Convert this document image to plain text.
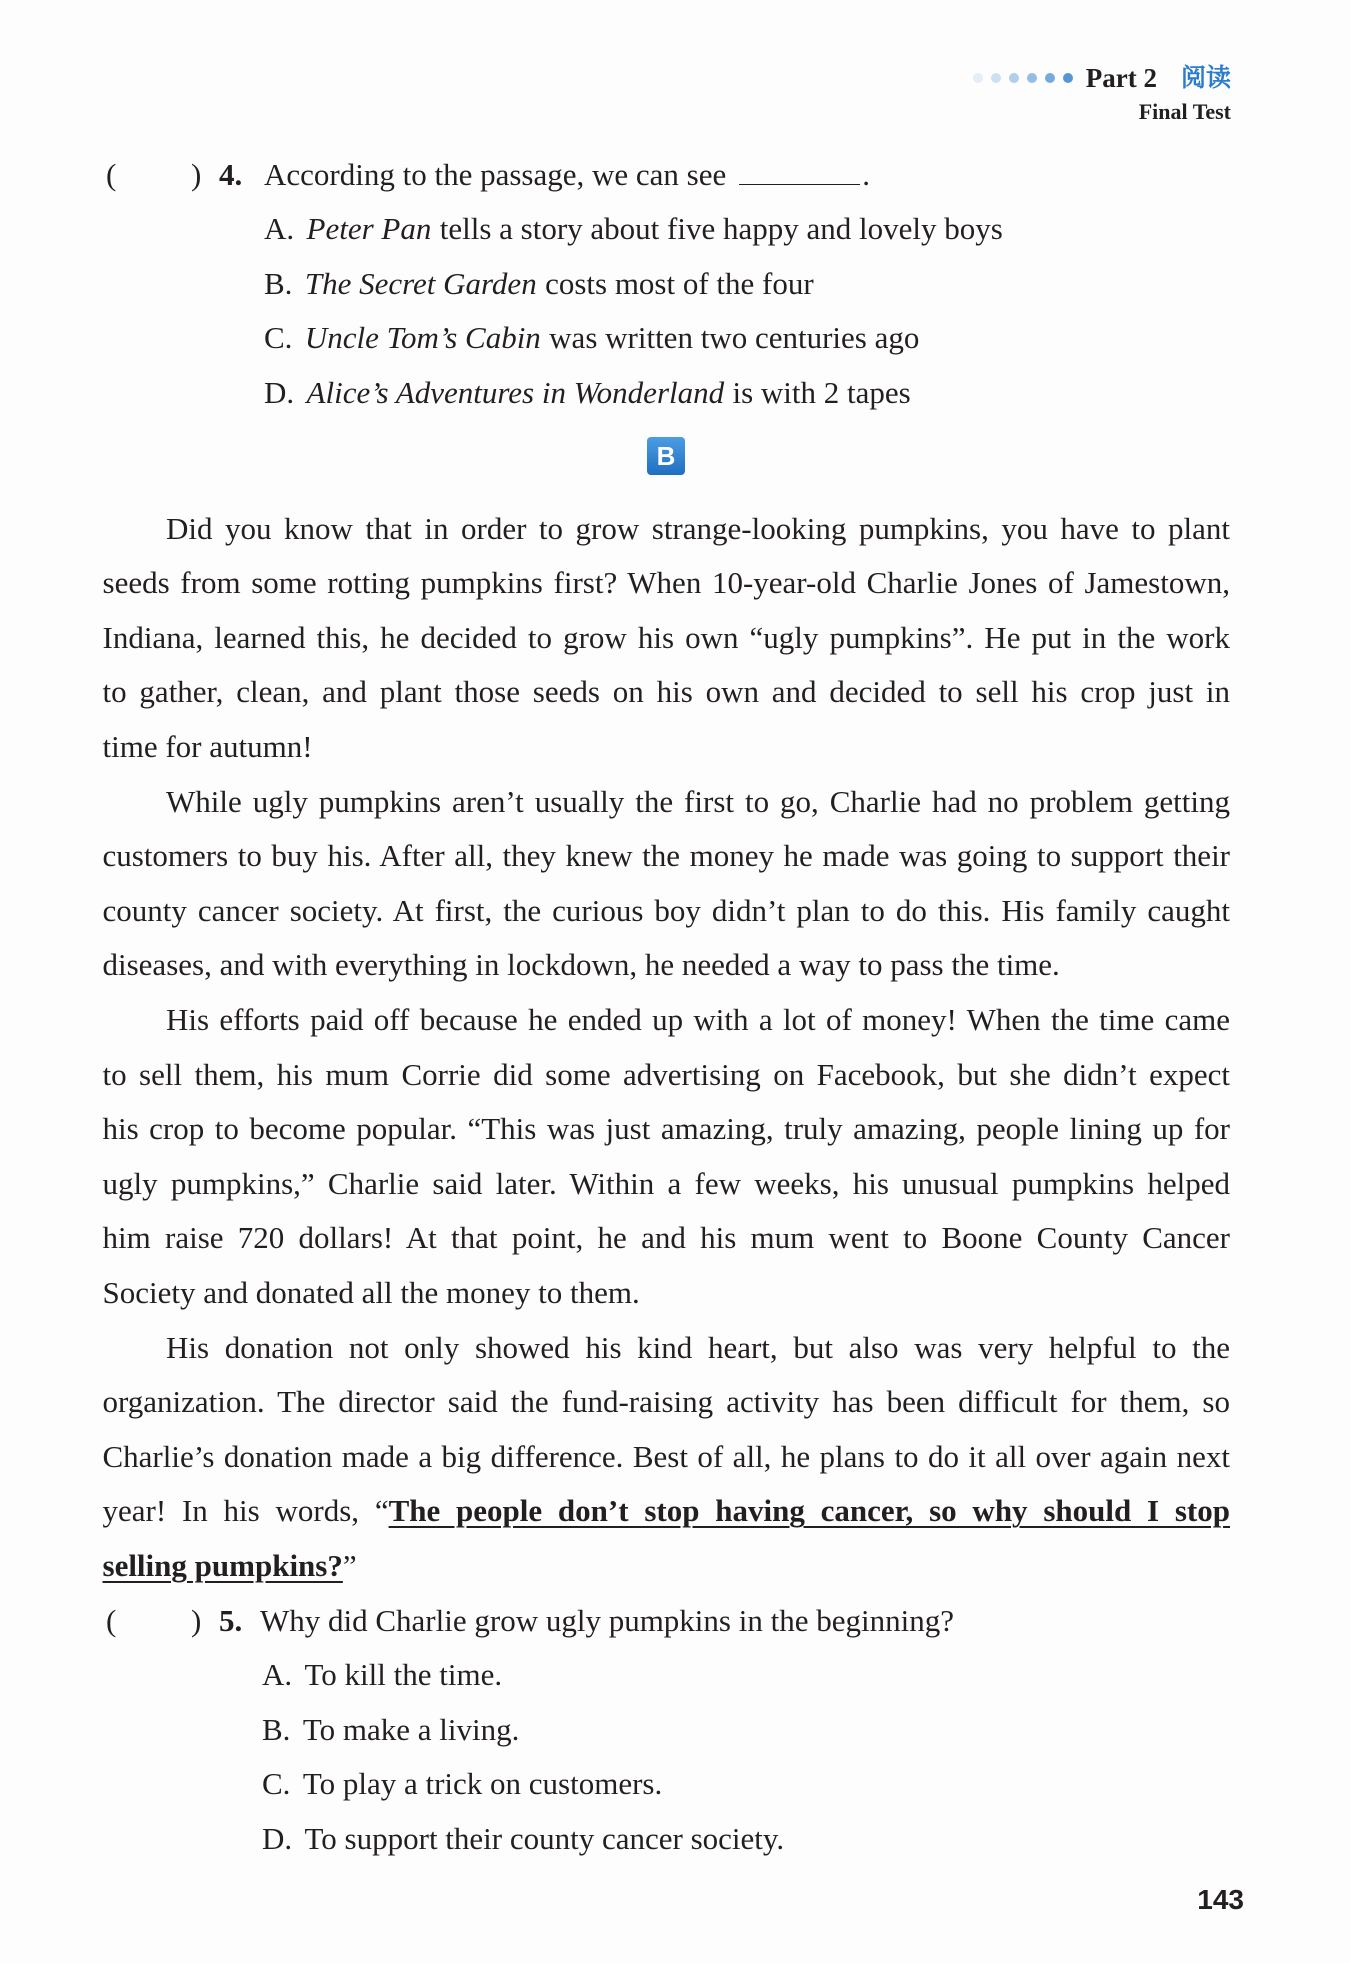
Part 2 阅读
Final Test
( ) 4. According to the passage, we can see	.
A. Peter Pan tells a story about five happy and lovely boys
B. The Secret Garden costs most of the four
C. Uncle Tom’s Cabin was written two centuries ago
D. Alice’s Adventures in Wonderland is with 2 tapes
B
Did you know that in order to grow strange-looking pumpkins, you have to plant
seeds from some rotting pumpkins first? When 10-year-old Charlie Jones of Jamestown,
Indiana, learned this, he decided to grow his own “ugly pumpkins”. He put in the work
to gather, clean, and plant those seeds on his own and decided to sell his crop just in
time for autumn!
While ugly pumpkins aren’t usually the first to go, Charlie had no problem getting
customers to buy his. After all, they knew the money he made was going to support their
county cancer society. At first, the curious boy didn’t plan to do this. His family caught
diseases, and with everything in lockdown, he needed a way to pass the time.
His efforts paid off because he ended up with a lot of money! When the time came
to sell them, his mum Corrie did some advertising on Facebook, but she didn’t expect
his crop to become popular. “This was just amazing, truly amazing, people lining up for
ugly pumpkins,” Charlie said later. Within a few weeks, his unusual pumpkins helped
him raise 720 dollars! At that point, he and his mum went to Boone County Cancer
Society and donated all the money to them.
His donation not only showed his kind heart, but also was very helpful to the
organization. The director said the fund-raising activity has been difficult for them, so
Charlie’s donation made a big difference. Best of all, he plans to do it all over again next
year! In his words, “The people don’t stop having cancer, so why should I stop
selling pumpkins?”
( ) 5. Why did Charlie grow ugly pumpkins in the beginning?
A. To kill the time.
B. To make a living.
C. To play a trick on customers.
D. To support their county cancer society.
143
